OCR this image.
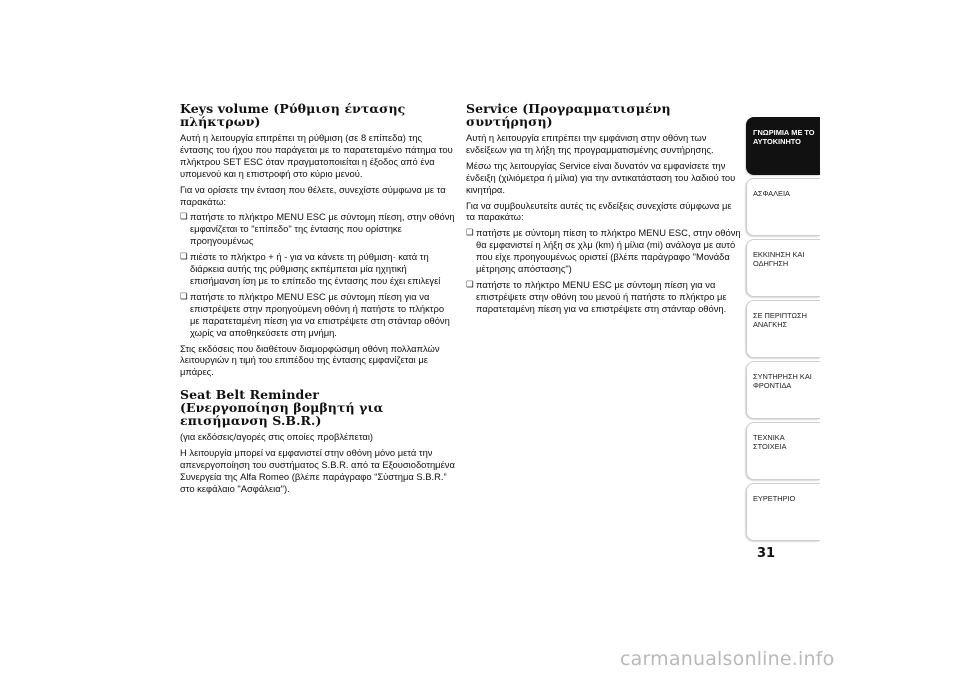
Keys volume (Ρύθμιση έντασης πλήκτρων)

Αυτή η λειτουργία επιτρέπει τη ρύθμιση (σε 8 επίπεδα) της έντασης του ήχου που παράγεται με το παρατεταμένο πάτημα του πλήκτρου SET ESC όταν πραγματοποιείται η έξοδος από ένα υπομενού και η επιστροφή στο κύριο μενού.

Για να ορίσετε την ένταση που θέλετε, συνεχίστε σύμφωνα με τα παρακάτω:

❏ πατήστε το πλήκτρο MENU ESC με σύντομη πίεση, στην οθόνη εμφανίζεται το "επίπεδο" της έντασης που ορίστηκε προηγουμένως
❏ πιέστε το πλήκτρο + ή - για να κάνετε τη ρύθμιση· κατά τη διάρκεια αυτής της ρύθμισης εκπέμπεται μία ηχητική επισήμανση ίση με το επίπεδο της έντασης που έχει επιλεγεί
❏ πατήστε το πλήκτρο MENU ESC με σύντομη πίεση για να επιστρέψετε στην προηγούμενη οθόνη ή πατήστε το πλήκτρο με παρατεταμένη πίεση για να επιστρέψετε στη στάνταρ οθόνη χωρίς να αποθηκεύσετε στη μνήμη.

Στις εκδόσεις που διαθέτουν διαμορφώσιμη οθόνη πολλαπλών λειτουργιών η τιμή του επιπέδου της έντασης εμφανίζεται με μπάρες.

Seat Belt Reminder
(Ενεργοποίηση βομβητή για επισήμανση S.B.R.)

(για εκδόσεις/αγορές στις οποίες προβλέπεται)

Η λειτουργία μπορεί να εμφανιστεί στην οθόνη μόνο μετά την απενεργοποίηση του συστήματος S.B.R. από τα Εξουσιοδοτημένα Συνεργεία της Alfa Romeo (βλέπε παράγραφο “Σύστημα S.B.R.” στο κεφάλαιο "Ασφάλεια").

Service (Προγραμματισμένη συντήρηση)

Αυτή η λειτουργία επιτρέπει την εμφάνιση στην οθόνη των ενδείξεων για τη λήξη της προγραμματισμένης συντήρησης.

Μέσω της λειτουργίας Service είναι δυνατόν να εμφανίσετε την ένδειξη (χιλιόμετρα ή μίλια) για την αντικατάσταση του λαδιού του κινητήρα.

Για να συμβουλευτείτε αυτές τις ενδείξεις συνεχίστε σύμφωνα με τα παρακάτω:

❏ πατήστε με σύντομη πίεση το πλήκτρο MENU ESC, στην οθόνη θα εμφανιστεί η λήξη σε χλμ (km) ή μίλια (mi) ανάλογα με αυτό που είχε προηγουμένως οριστεί (βλέπε παράγραφο "Μονάδα μέτρησης απόστασης")
❏ πατήστε το πλήκτρο MENU ESC με σύντομη πίεση για να επιστρέψετε στην οθόνη του μενού ή πατήστε το πλήκτρο με παρατεταμένη πίεση για να επιστρέψετε στη στάνταρ οθόνη.
ΓΝΩΡΙΜΙΑ ΜΕ ΤΟ ΑΥΤΟΚΙΝΗΤΟ
ΑΣΦΑΛΕΙΑ
ΕΚΚΙΝΗΣΗ ΚΑΙ ΟΔΗΓΗΣΗ
ΣΕ ΠΕΡΙΠΤΩΣΗ ΑΝΑΓΚΗΣ
ΣΥΝΤΗΡΗΣΗ ΚΑΙ ΦΡΟΝΤΙΔΑ
ΤΕΧΝΙΚΑ ΣΤΟΙΧΕΙΑ
ΕΥΡΕΤΗΡΙΟ
31
carmanualsonline.info
